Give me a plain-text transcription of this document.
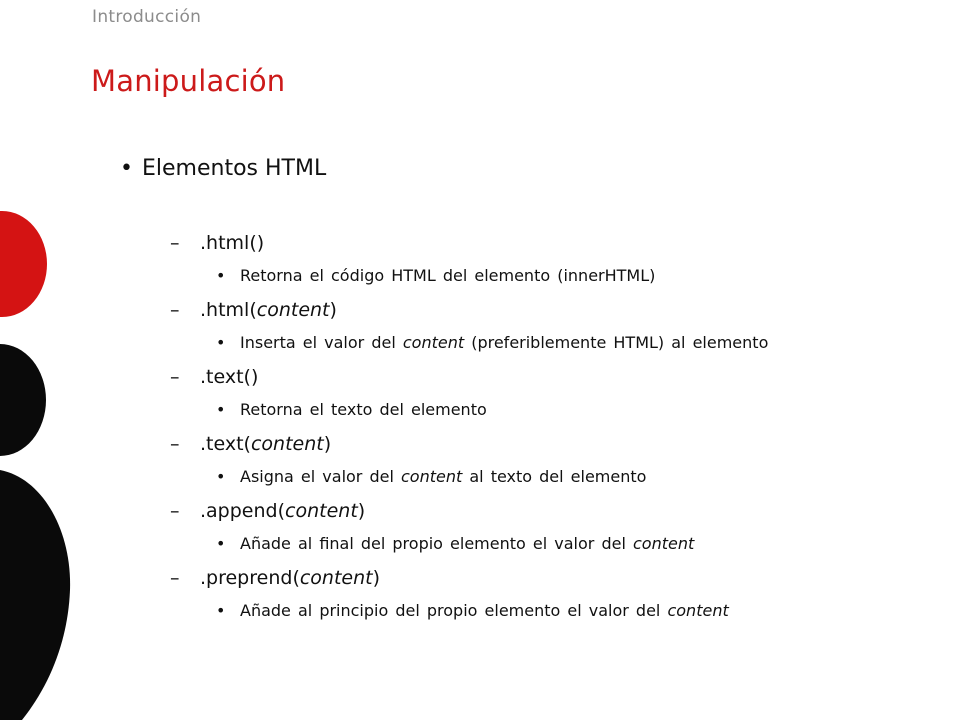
Introducción
Manipulación
• Elementos HTML
– .html()
• Retorna el código HTML del elemento (innerHTML)
– .html(content)
• Inserta el valor del content (preferiblemente HTML) al elemento
– .text()
• Retorna el texto del elemento
– .text(content)
• Asigna el valor del content al texto del elemento
– .append(content)
• Añade al final del propio elemento el valor del content
– .preprend(content)
• Añade al principio del propio elemento el valor del content
